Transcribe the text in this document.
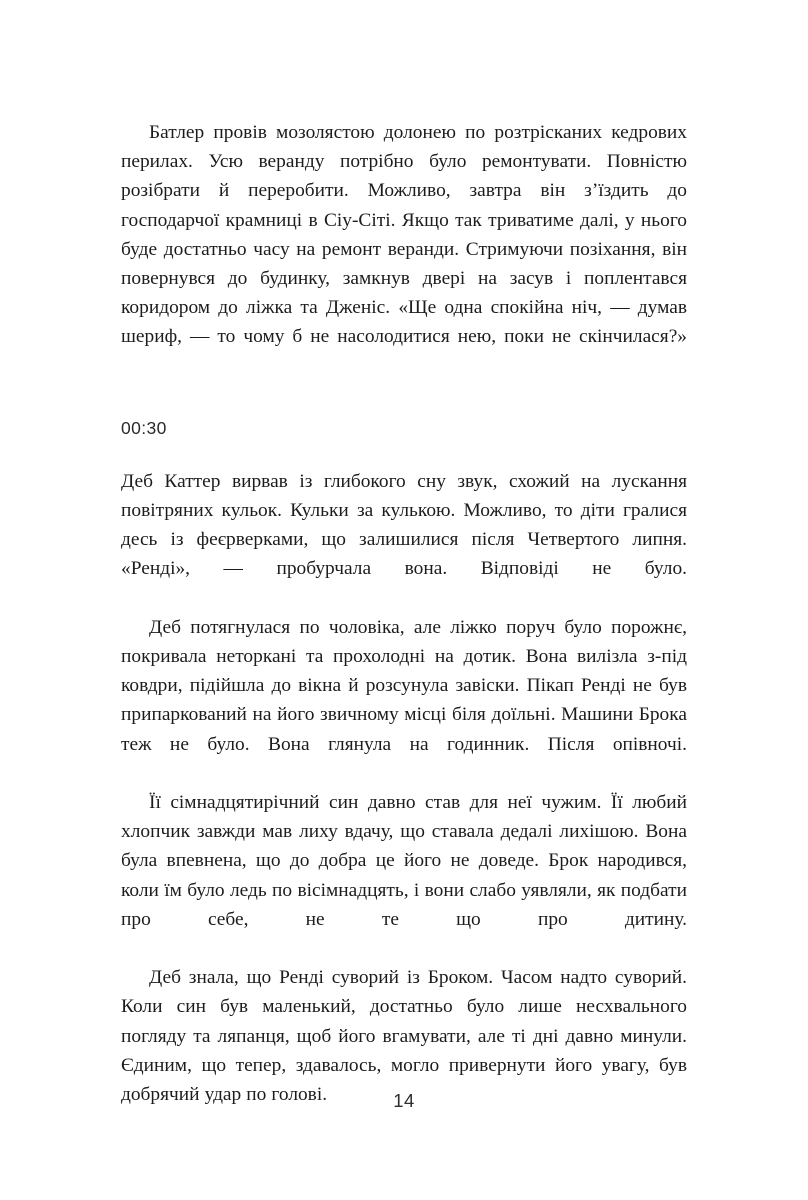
Батлер провів мозолястою долонею по розтрісканих кедрових перилах. Усю веранду потрібно було ремонтувати. Повністю розібрати й переробити. Можливо, завтра він з’їздить до господарчої крамниці в Сіу-Сіті. Якщо так триватиме далі, у нього буде достатньо часу на ремонт веранди. Стримуючи позіхання, він повернувся до будинку, замкнув двері на засув і поплентався коридором до ліжка та Дженіс. «Ще одна спокійна ніч, — думав шериф, — то чому б не насолодитися нею, поки не скінчилася?»

00:30

Деб Каттер вирвав із глибокого сну звук, схожий на лускання повітряних кульок. Кульки за кулькою. Можливо, то діти гралися десь із феєрверками, що залишилися після Четвертого липня. «Ренді», — пробурчала вона. Відповіді не було.

Деб потягнулася по чоловіка, але ліжко поруч було порожнє, покривала неторкані та прохолодні на дотик. Вона вилізла з-під ковдри, підійшла до вікна й розсунула завіски. Пікап Ренді не був припаркований на його звичному місці біля доїльні. Машини Брока теж не було. Вона глянула на годинник. Після опівночі.

Її сімнадцятирічний син давно став для неї чужим. Її любий хлопчик завжди мав лиху вдачу, що ставала дедалі лихішою. Вона була впевнена, що до добра це його не доведе. Брок народився, коли їм було ледь по вісімнадцять, і вони слабо уявляли, як подбати про себе, не те що про дитину.

Деб знала, що Ренді суворий із Броком. Часом надто суворий. Коли син був маленький, достатньо було лише несхвального погляду та ляпанця, щоб його вгамувати, але ті дні давно минули. Єдиним, що тепер, здавалось, могло привернути його увагу, був добрячий удар по голові.	14
